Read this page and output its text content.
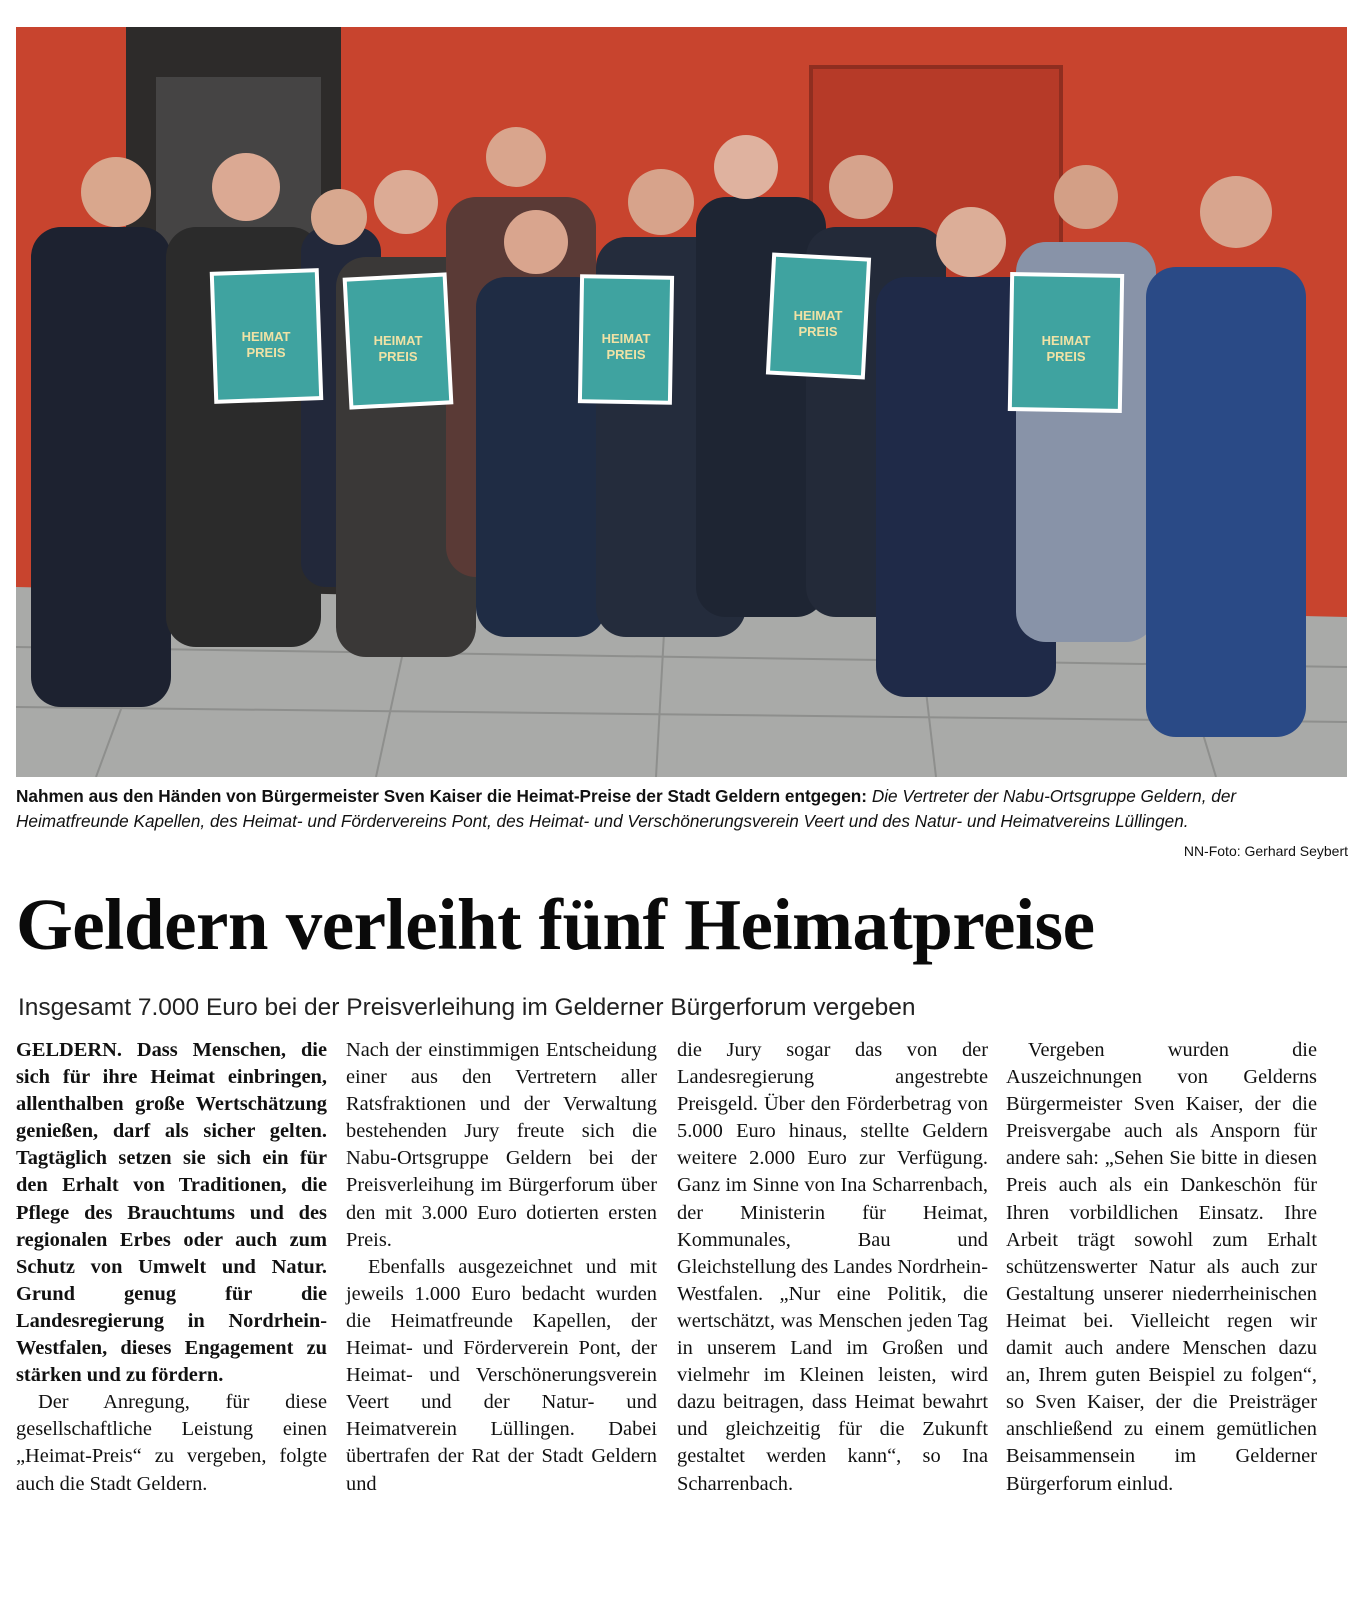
HEIMAT
PREIS
HEIMAT
PREIS
HEIMAT
PREIS
HEIMAT
PREIS
HEIMAT
PREIS
Nahmen aus den Händen von Bürgermeister Sven Kaiser die Heimat-Preise der Stadt Geldern entgegen: Die Vertreter der Nabu-Ortsgruppe Geldern, der Heimatfreunde Kapellen, des Heimat- und Fördervereins Pont, des Heimat- und Verschönerungsverein Veert und des Natur- und Heimatvereins Lüllingen.
NN-Foto: Gerhard Seybert
Geldern verleiht fünf Heimatpreise
Insgesamt 7.000 Euro bei der Preisverleihung im Gelderner Bürgerforum vergeben

GELDERN. Dass Menschen, die sich für ihre Heimat einbringen, allenthalben große Wertschätzung genießen, darf als sicher gelten. Tagtäglich setzen sie sich ein für den Erhalt von Traditionen, die Pflege des Brauchtums und des regionalen Erbes oder auch zum Schutz von Umwelt und Natur. Grund genug für die Landesregierung in Nordrhein-Westfalen, dieses Engagement zu stärken und zu fördern.

Der Anregung, für diese gesellschaftliche Leistung einen „Heimat-Preis“ zu vergeben, folgte auch die Stadt Geldern.

Nach der einstimmigen Entscheidung einer aus den Vertretern aller Ratsfraktionen und der Verwaltung bestehenden Jury freute sich die Nabu-Ortsgruppe Geldern bei der Preisverleihung im Bürgerforum über den mit 3.000 Euro dotierten ersten Preis.

Ebenfalls ausgezeichnet und mit jeweils 1.000 Euro bedacht wurden die Heimatfreunde Kapellen, der Heimat- und Förderverein Pont, der Heimat- und Verschönerungsverein Veert und der Natur- und Heimatverein Lüllingen. Dabei übertrafen der Rat der Stadt Geldern und

die Jury sogar das von der Landesregierung angestrebte Preisgeld. Über den Förderbetrag von 5.000 Euro hinaus, stellte Geldern weitere 2.000 Euro zur Verfügung. Ganz im Sinne von Ina Scharrenbach, der Ministerin für Heimat, Kommunales, Bau und Gleichstellung des Landes Nordrhein-Westfalen. „Nur eine Politik, die wertschätzt, was Menschen jeden Tag in unserem Land im Großen und vielmehr im Kleinen leisten, wird dazu beitragen, dass Heimat bewahrt und gleichzeitig für die Zukunft gestaltet werden kann“, so Ina Scharrenbach.

Vergeben wurden die Auszeichnungen von Gelderns Bürgermeister Sven Kaiser, der die Preisvergabe auch als Ansporn für andere sah: „Sehen Sie bitte in diesen Preis auch als ein Dankeschön für Ihren vorbildlichen Einsatz. Ihre Arbeit trägt sowohl zum Erhalt schützenswerter Natur als auch zur Gestaltung unserer niederrheinischen Heimat bei. Vielleicht regen wir damit auch andere Menschen dazu an, Ihrem guten Beispiel zu folgen“, so Sven Kaiser, der die Preisträger anschließend zu einem gemütlichen Beisammensein im Gelderner Bürgerforum einlud.
